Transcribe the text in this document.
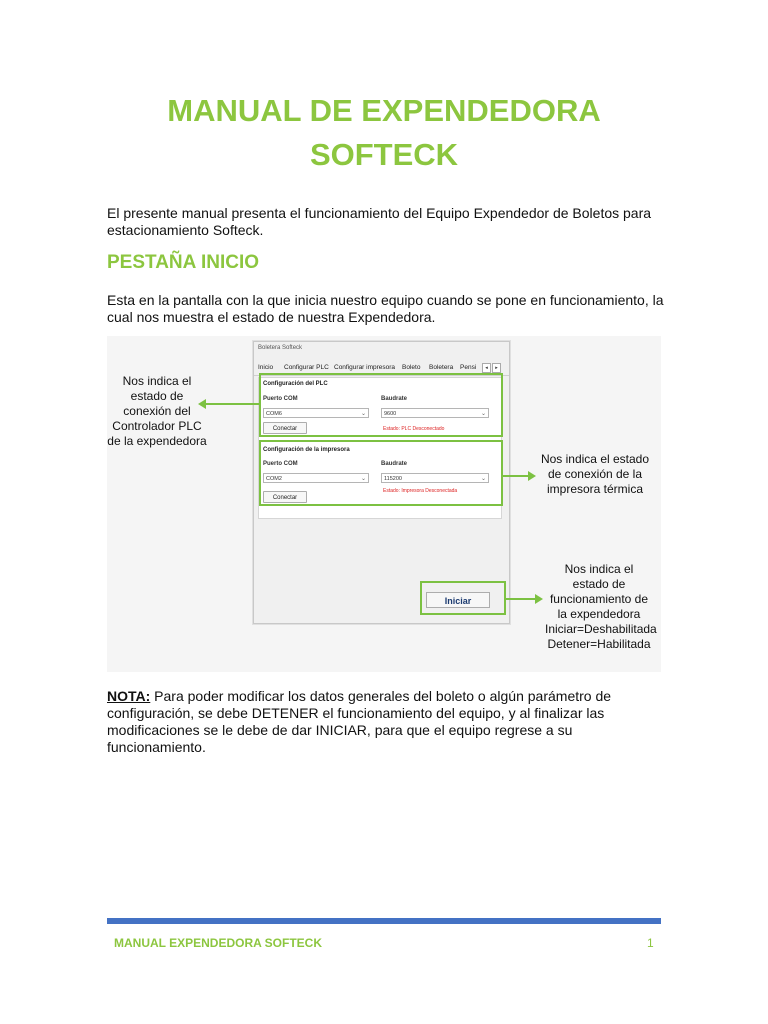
MANUAL DE EXPENDEDORA
SOFTECK

El presente manual presenta el funcionamiento del Equipo Expendedor de Boletos para estacionamiento Softeck.

PESTAÑA INICIO

Esta en la pantalla con la que inicia nuestro equipo cuando se pone en funcionamiento, la cual nos muestra el estado de nuestra Expendedora.

Boletera Softeck
Inicio Configurar PLC Configurar impresora Boleto Boletera Pensi	◂	▸
Configuración del PLC
Puerto COM	Baudrate
COM6	⌄	9600	⌄
Conectar	Estado: PLC Desconectado
Configuración de la impresora
Puerto COM	Baudrate
COM2	⌄	115200	⌄
Conectar
Estado: Impresora Desconectada
Iniciar
Nos indica el estado de conexión del Controlador PLC de la expendedora
Nos indica el estado de conexión de la impresora térmica
Nos indica el estado de funcionamiento de la expendedora Iniciar=Deshabilitada Detener=Habilitada

NOTA: Para poder modificar los datos generales del boleto o algún parámetro de configuración, se debe DETENER el funcionamiento del equipo, y al finalizar las modificaciones se le debe de dar INICIAR, para que el equipo regrese a su funcionamiento.

MANUAL EXPENDEDORA SOFTECK	1
